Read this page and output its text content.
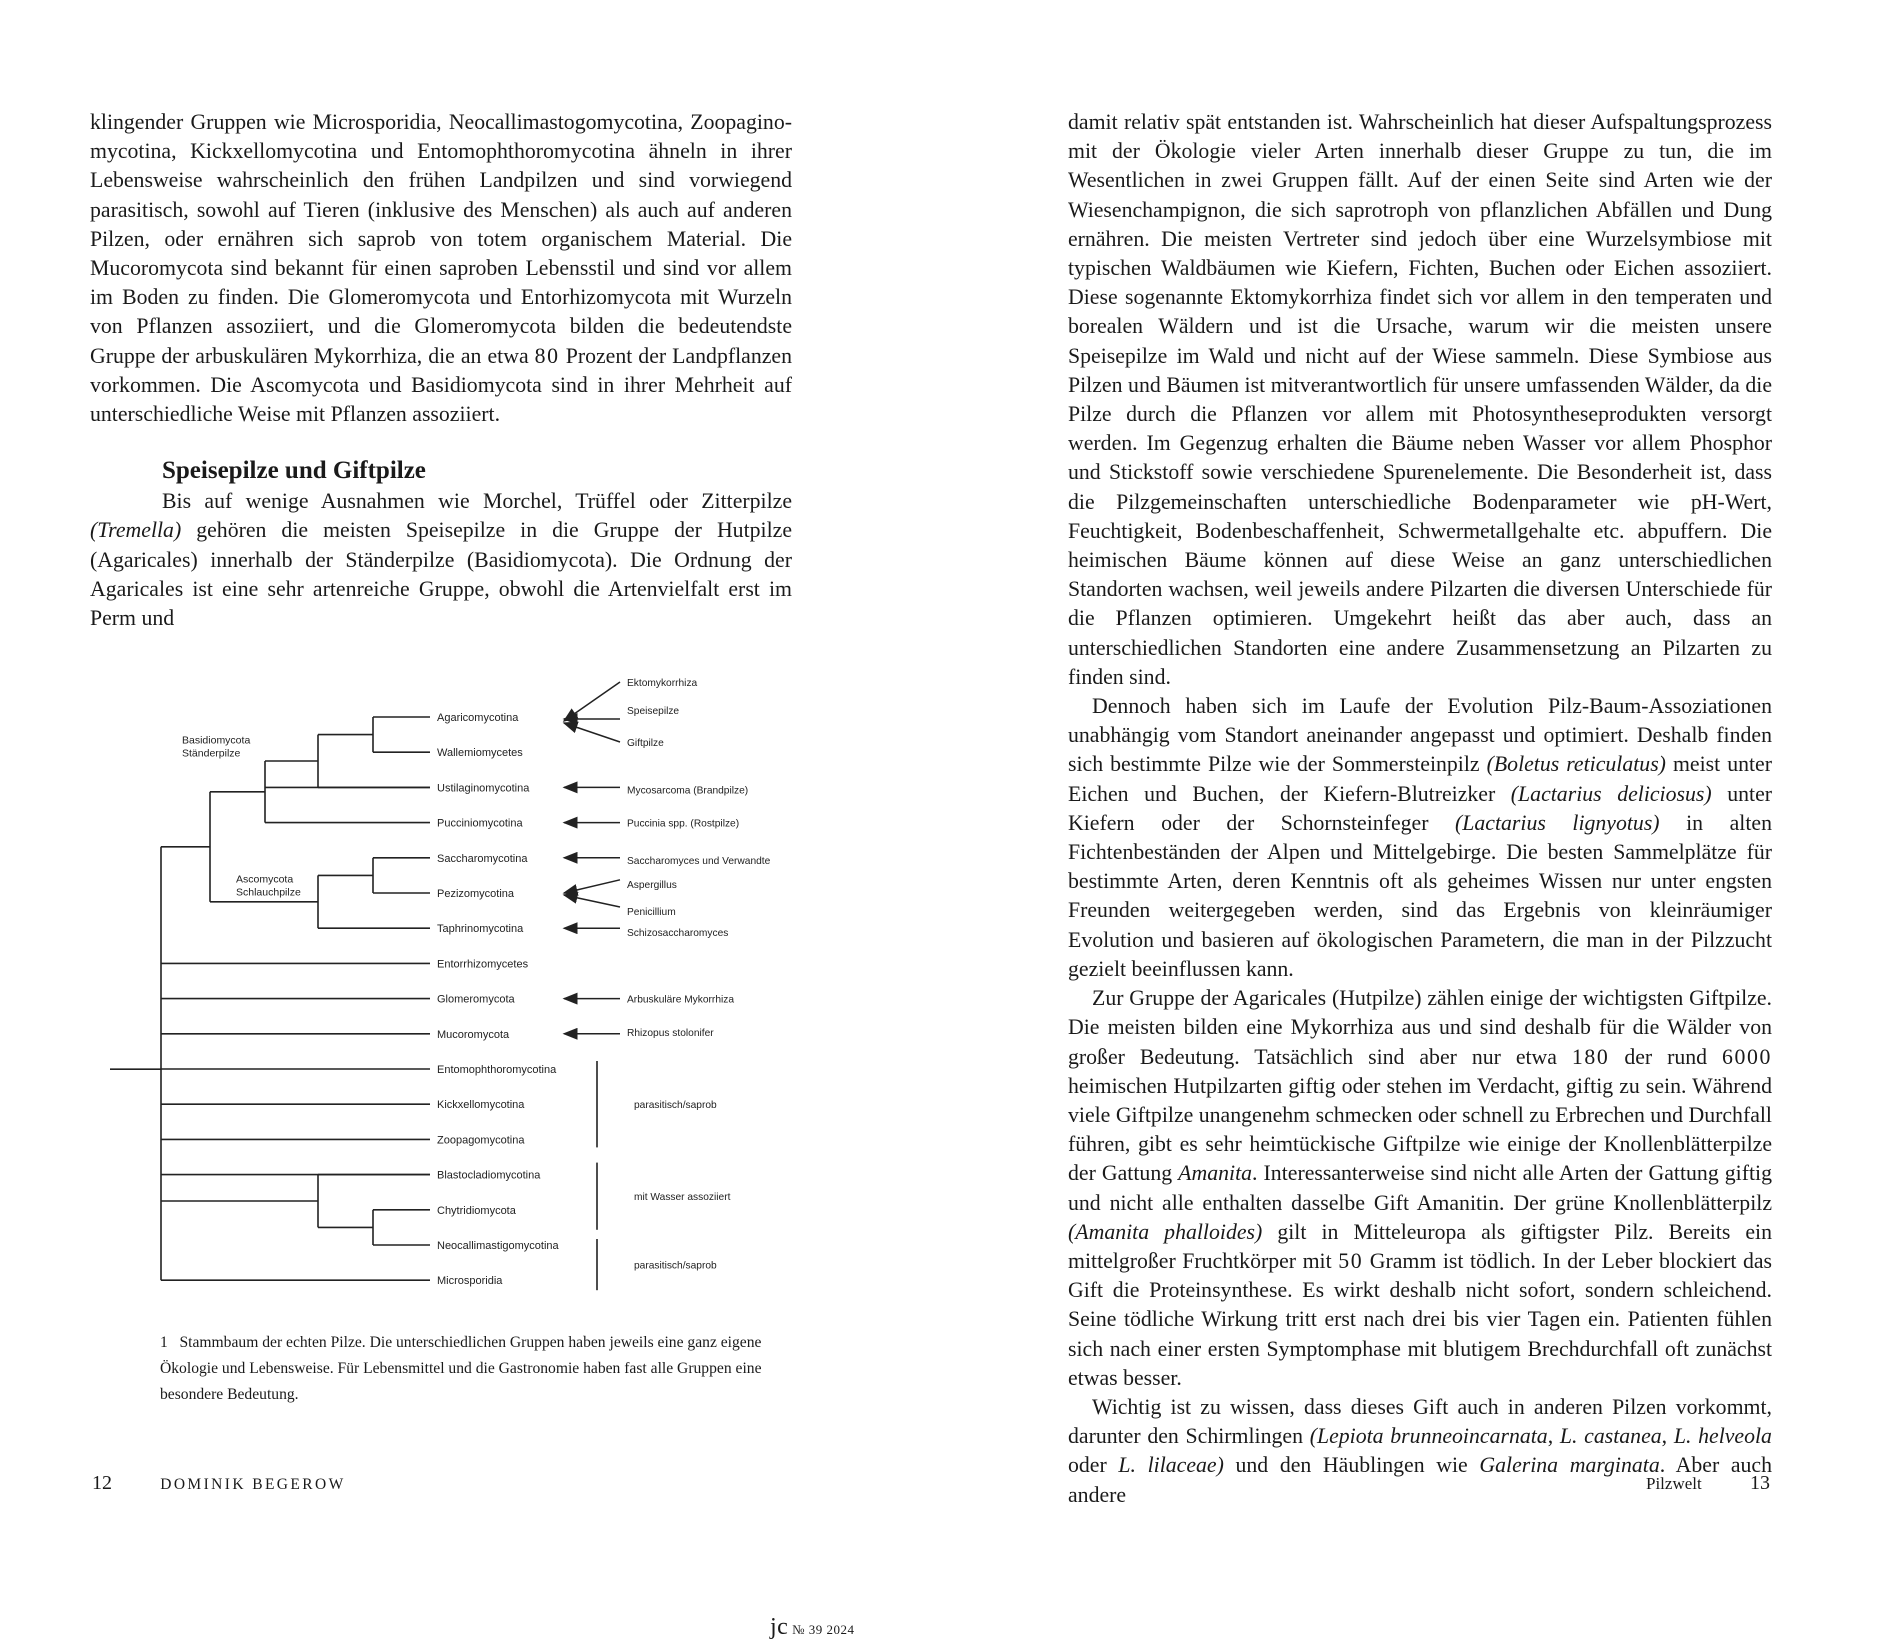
klingender Gruppen wie Microsporidia, Neocallimastogomycotina, Zoopagino-mycotina, Kickxellomycotina und Entomophthoromycotina ähneln in ihrer Lebensweise wahrscheinlich den frühen Landpilzen und sind vorwiegend parasitisch, sowohl auf Tieren (inklusive des Menschen) als auch auf anderen Pilzen, oder ernähren sich saprob von totem organischem Material. Die Mucoromycota sind bekannt für einen saproben Lebensstil und sind vor allem im Boden zu finden. Die Glomeromycota und Entorhizomycota mit Wurzeln von Pflanzen assoziiert, und die Glomeromycota bilden die bedeutendste Gruppe der arbuskulären Mykorrhiza, die an etwa 80 Prozent der Landpflanzen vorkommen. Die Ascomycota und Basidiomycota sind in ihrer Mehrheit auf unterschiedliche Weise mit Pflanzen assoziiert.

Speisepilze und Giftpilze

Bis auf wenige Ausnahmen wie Morchel, Trüffel oder Zitterpilze (Tremella) gehören die meisten Speisepilze in die Gruppe der Hutpilze (Agaricales) innerhalb der Ständerpilze (Basidiomycota). Die Ordnung der Agaricales ist eine sehr artenreiche Gruppe, obwohl die Artenvielfalt erst im Perm und

Agaricomycotina
Wallemiomycetes
Ustilaginomycotina
Pucciniomycotina
Saccharomycotina
Pezizomycotina
Taphrinomycotina
Entorrhizomycetes
Glomeromycota
Mucoromycota
Entomophthoromycotina
Kickxellomycotina
Zoopagomycotina
Blastocladiomycotina
Chytridiomycota
Neocallimastigomycotina
Microsporidia
Basidiomycota
Ständerpilze
Ascomycota
Schlauchpilze
Ektomykorrhiza
Speisepilze
Giftpilze
Mycosarcoma (Brandpilze)
Puccinia spp. (Rostpilze)
Saccharomyces und Verwandte
Aspergillus
Penicillium
Schizosaccharomyces
Arbuskuläre Mykorrhiza
Rhizopus stolonifer
parasitisch/saprob
mit Wasser assoziiert
parasitisch/saprob
1 Stammbaum der echten Pilze. Die unterschiedlichen Gruppen haben jeweils eine ganz eigene Ökologie und Lebensweise. Für Lebensmittel und die Gastronomie haben fast alle Gruppen eine besondere Bedeutung.

damit relativ spät entstanden ist. Wahrscheinlich hat dieser Aufspaltungsprozess mit der Ökologie vieler Arten innerhalb dieser Gruppe zu tun, die im Wesentlichen in zwei Gruppen fällt. Auf der einen Seite sind Arten wie der Wiesenchampignon, die sich saprotroph von pflanzlichen Abfällen und Dung ernähren. Die meisten Vertreter sind jedoch über eine Wurzelsymbiose mit typischen Waldbäumen wie Kiefern, Fichten, Buchen oder Eichen assoziiert. Diese sogenannte Ektomykorrhiza findet sich vor allem in den temperaten und borealen Wäldern und ist die Ursache, warum wir die meisten unsere Speisepilze im Wald und nicht auf der Wiese sammeln. Diese Symbiose aus Pilzen und Bäumen ist mitverantwortlich für unsere umfassenden Wälder, da die Pilze durch die Pflanzen vor allem mit Photosyntheseprodukten versorgt werden. Im Gegenzug erhalten die Bäume neben Wasser vor allem Phosphor und Stickstoff sowie verschiedene Spurenelemente. Die Besonderheit ist, dass die Pilzgemeinschaften unterschiedliche Bodenparameter wie pH-Wert, Feuchtigkeit, Bodenbeschaffenheit, Schwermetallgehalte etc. abpuffern. Die heimischen Bäume können auf diese Weise an ganz unterschiedlichen Standorten wachsen, weil jeweils andere Pilzarten die diversen Unterschiede für die Pflanzen optimieren. Umgekehrt heißt das aber auch, dass an unterschiedlichen Standorten eine andere Zusammensetzung an Pilzarten zu finden sind.

Dennoch haben sich im Laufe der Evolution Pilz-Baum-Assoziationen unabhängig vom Standort aneinander angepasst und optimiert. Deshalb finden sich bestimmte Pilze wie der Sommersteinpilz (Boletus reticulatus) meist unter Eichen und Buchen, der Kiefern-Blutreizker (Lactarius deliciosus) unter Kiefern oder der Schornsteinfeger (Lactarius lignyotus) in alten Fichtenbeständen der Alpen und Mittelgebirge. Die besten Sammelplätze für bestimmte Arten, deren Kenntnis oft als geheimes Wissen nur unter engsten Freunden weitergegeben werden, sind das Ergebnis von kleinräumiger Evolution und basieren auf ökologischen Parametern, die man in der Pilzzucht gezielt beeinflussen kann.

Zur Gruppe der Agaricales (Hutpilze) zählen einige der wichtigsten Giftpilze. Die meisten bilden eine Mykorrhiza aus und sind deshalb für die Wälder von großer Bedeutung. Tatsächlich sind aber nur etwa 180 der rund 6000 heimischen Hutpilzarten giftig oder stehen im Verdacht, giftig zu sein. Während viele Giftpilze unangenehm schmecken oder schnell zu Erbrechen und Durchfall führen, gibt es sehr heimtückische Giftpilze wie einige der Knollenblätterpilze der Gattung Amanita. Interessanterweise sind nicht alle Arten der Gattung giftig und nicht alle enthalten dasselbe Gift Amanitin. Der grüne Knollenblätterpilz (Amanita phalloides) gilt in Mitteleuropa als giftigster Pilz. Bereits ein mittelgroßer Fruchtkörper mit 50 Gramm ist tödlich. In der Leber blockiert das Gift die Proteinsynthese. Es wirkt deshalb nicht sofort, sondern schleichend. Seine tödliche Wirkung tritt erst nach drei bis vier Tagen ein. Patienten fühlen sich nach einer ersten Symptomphase mit blutigem Brechdurchfall oft zunächst etwas besser.

Wichtig ist zu wissen, dass dieses Gift auch in anderen Pilzen vorkommt, darunter den Schirmlingen (Lepiota brunneoincarnata, L. castanea, L. helveola oder L. lilaceae) und den Häublingen wie Galerina marginata. Aber auch andere

12	DOMINIK BEGEROW	Pilzwelt 13
jc № 39 2024
